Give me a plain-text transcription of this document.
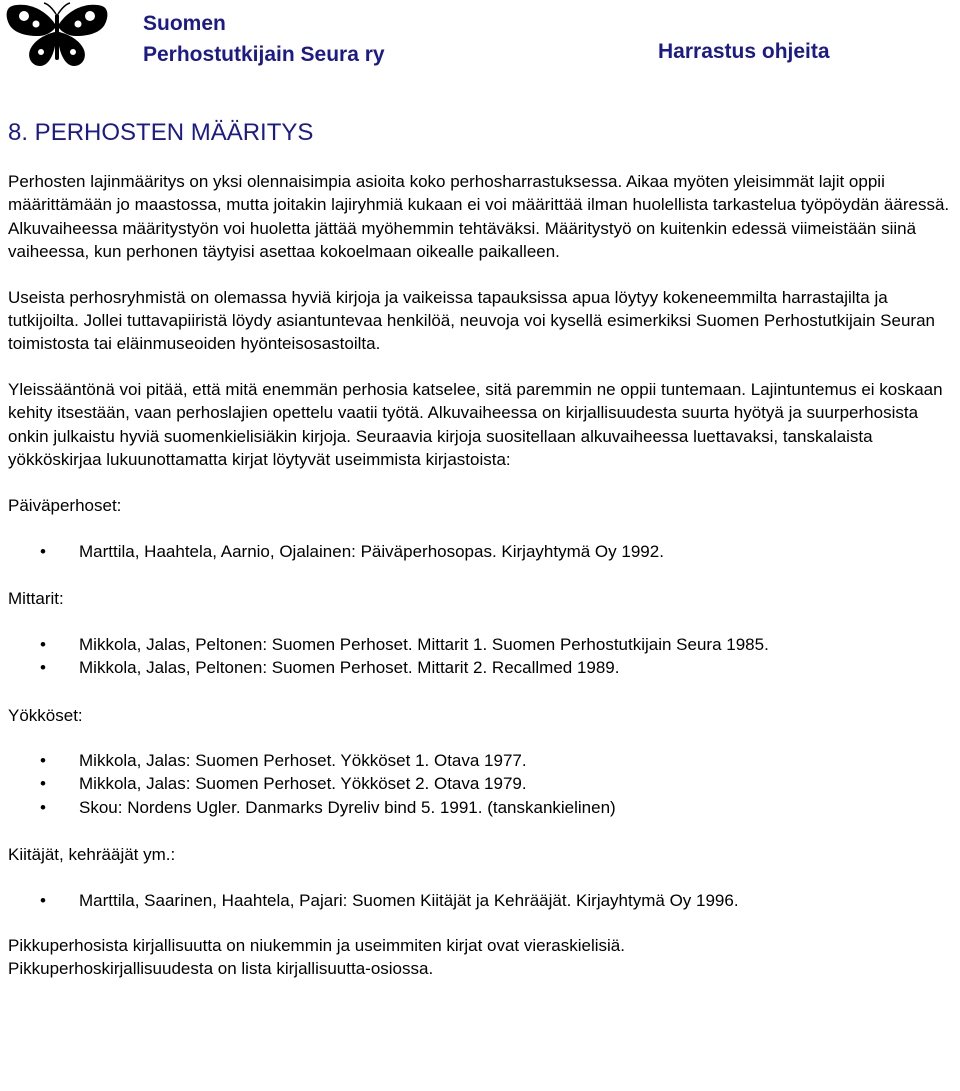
Suomen
Perhostutkijain Seura ry	Harrastus ohjeita
8. PERHOSTEN MÄÄRITYS

Perhosten lajinmääritys on yksi olennaisimpia asioita koko perhosharrastuksessa. Aikaa myöten yleisimmät lajit oppii määrittämään jo maastossa, mutta joitakin lajiryhmiä kukaan ei voi määrittää ilman huolellista tarkastelua työpöydän ääressä. Alkuvaiheessa määritystyön voi huoletta jättää myöhemmin tehtäväksi. Määritystyö on kuitenkin edessä viimeistään siinä vaiheessa, kun perhonen täytyisi asettaa kokoelmaan oikealle paikalleen.

Useista perhosryhmistä on olemassa hyviä kirjoja ja vaikeissa tapauksissa apua löytyy kokeneemmilta harrastajilta ja tutkijoilta. Jollei tuttavapiiristä löydy asiantuntevaa henkilöä, neuvoja voi kysellä esimerkiksi Suomen Perhostutkijain Seuran toimistosta tai eläinmuseoiden hyönteisosastoilta.

Yleissääntönä voi pitää, että mitä enemmän perhosia katselee, sitä paremmin ne oppii tuntemaan. Lajintuntemus ei koskaan kehity itsestään, vaan perhoslajien opettelu vaatii työtä. Alkuvaiheessa on kirjallisuudesta suurta hyötyä ja suurperhosista onkin julkaistu hyviä suomenkielisiäkin kirjoja. Seuraavia kirjoja suositellaan alkuvaiheessa luettavaksi, tanskalaista yökköskirjaa lukuunottamatta kirjat löytyvät useimmista kirjastoista:

Päiväperhoset:

• Marttila, Haahtela, Aarnio, Ojalainen: Päiväperhosopas. Kirjayhtymä Oy 1992.

Mittarit:

• Mikkola, Jalas, Peltonen: Suomen Perhoset. Mittarit 1. Suomen Perhostutkijain Seura 1985.
• Mikkola, Jalas, Peltonen: Suomen Perhoset. Mittarit 2. Recallmed 1989.

Yökköset:

• Mikkola, Jalas: Suomen Perhoset. Yökköset 1. Otava 1977.
• Mikkola, Jalas: Suomen Perhoset. Yökköset 2. Otava 1979.
• Skou: Nordens Ugler. Danmarks Dyreliv bind 5. 1991. (tanskankielinen)

Kiitäjät, kehrääjät ym.:

• Marttila, Saarinen, Haahtela, Pajari: Suomen Kiitäjät ja Kehrääjät. Kirjayhtymä Oy 1996.

Pikkuperhosista kirjallisuutta on niukemmin ja useimmiten kirjat ovat vieraskielisiä.

Pikkuperhoskirjallisuudesta on lista kirjallisuutta-osiossa.
